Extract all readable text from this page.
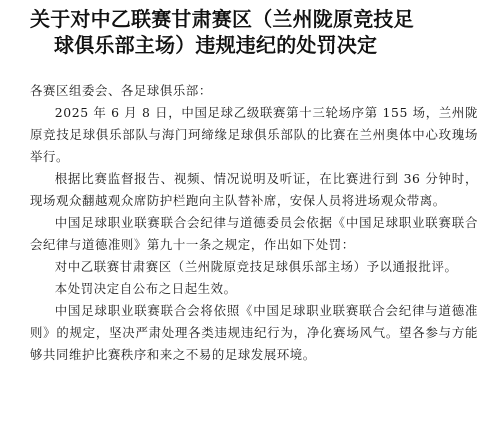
关于对中乙联赛甘肃赛区（兰州陇原竞技足
球俱乐部主场）违规违纪的处罚决定

各赛区组委会、各足球俱乐部：

2025 年 6 月 8 日，中国足球乙级联赛第十三轮场序第 155 场，兰州陇原竞技足球俱乐部队与海门珂缔缘足球俱乐部队的比赛在兰州奥体中心玫瑰场举行。

根据比赛监督报告、视频、情况说明及听证，在比赛进行到 36 分钟时，现场观众翻越观众席防护栏跑向主队替补席，安保人员将进场观众带离。

中国足球职业联赛联合会纪律与道德委员会依据《中国足球职业联赛联合会纪律与道德准则》第九十一条之规定，作出如下处罚：

对中乙联赛甘肃赛区（兰州陇原竞技足球俱乐部主场）予以通报批评。

本处罚决定自公布之日起生效。

中国足球职业联赛联合会将依照《中国足球职业联赛联合会纪律与道德准则》的规定，坚决严肃处理各类违规违纪行为，净化赛场风气。望各参与方能够共同维护比赛秩序和来之不易的足球发展环境。
